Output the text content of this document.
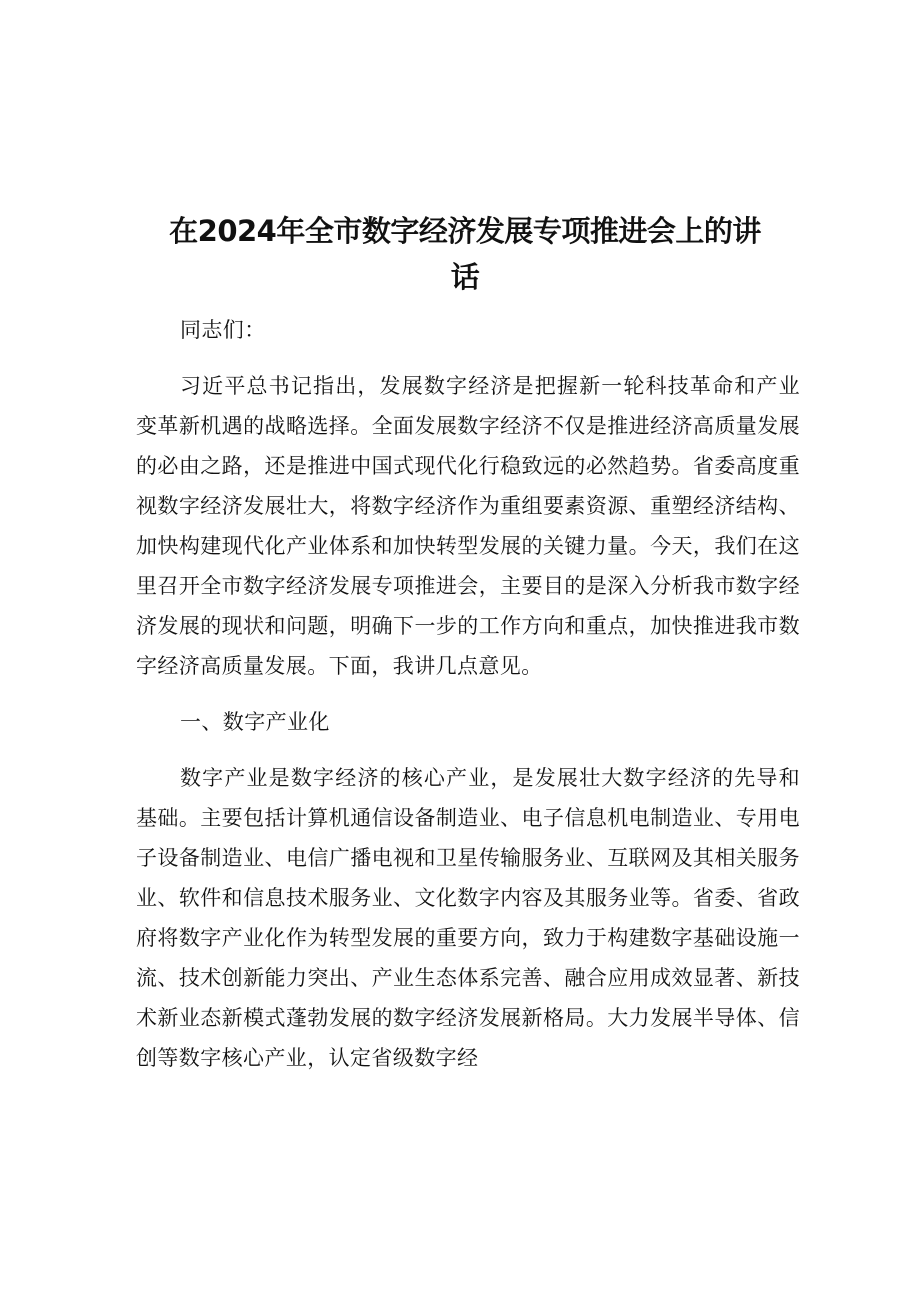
在2024年全市数字经济发展专项推进会上的讲
话

同志们：

习近平总书记指出，发展数字经济是把握新一轮科技革命和产业变革新机遇的战略选择。全面发展数字经济不仅是推进经济高质量发展的必由之路，还是推进中国式现代化行稳致远的必然趋势。省委高度重视数字经济发展壮大，将数字经济作为重组要素资源、重塑经济结构、加快构建现代化产业体系和加快转型发展的关键力量。今天，我们在这里召开全市数字经济发展专项推进会，主要目的是深入分析我市数字经济发展的现状和问题，明确下一步的工作方向和重点，加快推进我市数字经济高质量发展。下面，我讲几点意见。

一、数字产业化

数字产业是数字经济的核心产业，是发展壮大数字经济的先导和基础。主要包括计算机通信设备制造业、电子信息机电制造业、专用电子设备制造业、电信广播电视和卫星传输服务业、互联网及其相关服务业、软件和信息技术服务业、文化数字内容及其服务业等。省委、省政府将数字产业化作为转型发展的重要方向，致力于构建数字基础设施一流、技术创新能力突出、产业生态体系完善、融合应用成效显著、新技术新业态新模式蓬勃发展的数字经济发展新格局。大力发展半导体、信创等数字核心产业，认定省级数字经
